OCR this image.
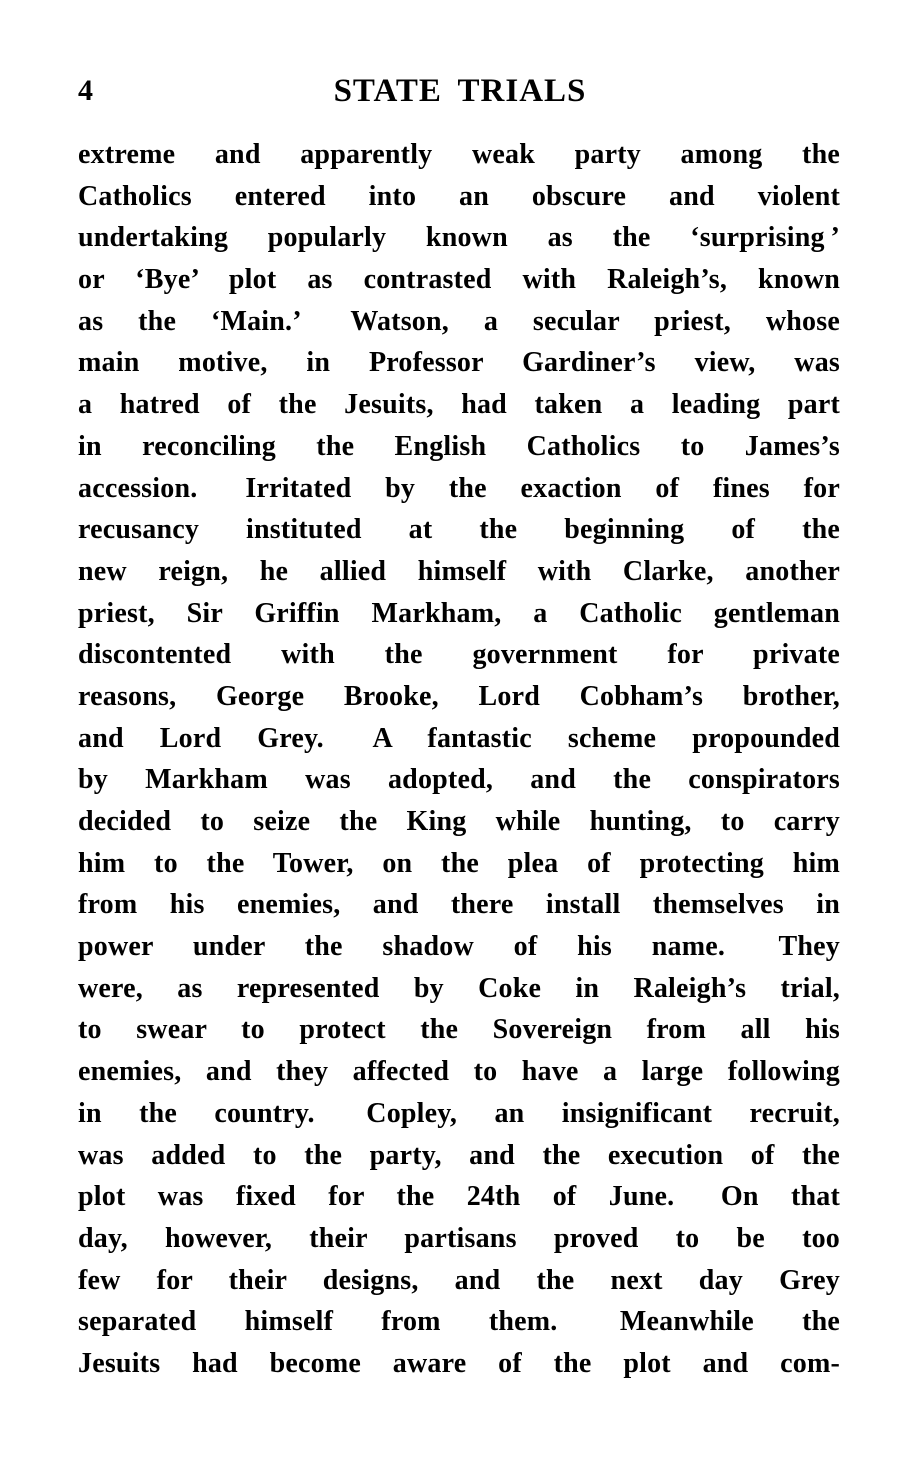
4	STATE TRIALS
extreme and apparently weak party among the
Catholics entered into an obscure and violent
undertaking popularly known as the ‘surprising ’
or ‘Bye’ plot as contrasted with Raleigh’s, known
as the ‘Main.’  Watson, a secular priest, whose
main motive, in Professor Gardiner’s view, was
a hatred of the Jesuits, had taken a leading part
in reconciling the English Catholics to James’s
accession.  Irritated by the exaction of fines for
recusancy instituted at the beginning of the
new reign, he allied himself with Clarke, another
priest, Sir Griffin Markham, a Catholic gentleman
discontented with the government for private
reasons, George Brooke, Lord Cobham’s brother,
and Lord Grey.  A fantastic scheme propounded
by Markham was adopted, and the conspirators
decided to seize the King while hunting, to carry
him to the Tower, on the plea of protecting him
from his enemies, and there install themselves in
power under the shadow of his name.  They
were, as represented by Coke in Raleigh’s trial,
to swear to protect the Sovereign from all his
enemies, and they affected to have a large following
in the country.  Copley, an insignificant recruit,
was added to the party, and the execution of the
plot was fixed for the 24th of June.  On that
day, however, their partisans proved to be too
few for their designs, and the next day Grey
separated himself from them.  Meanwhile the
Jesuits had become aware of the plot and com-
